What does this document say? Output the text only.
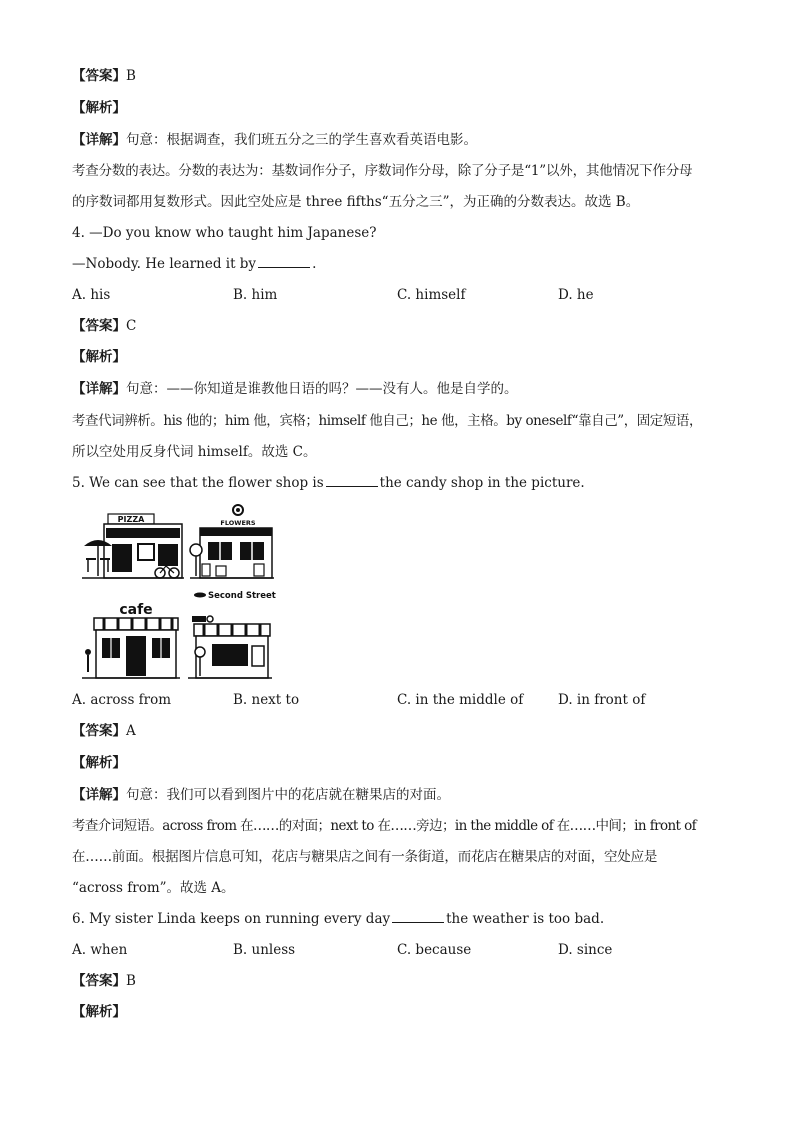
【答案】B
【解析】
【详解】句意：根据调查，我们班五分之三的学生喜欢看英语电影。
考查分数的表达。分数的表达为：基数词作分子，序数词作分母，除了分子是“1”以外，其他情况下作分母
的序数词都用复数形式。因此空处应是 three fifths“五分之三”，为正确的分数表达。故选 B。
4. —Do you know who taught him Japanese?
—Nobody. He learned it by	.
A. his	B. him	C. himself	D. he
【答案】C
【解析】
【详解】句意：——你知道是谁教他日语的吗？——没有人。他是自学的。
考查代词辨析。his 他的；him 他，宾格；himself 他自己；he 他，主格。by oneself“靠自己”，固定短语，
所以空处用反身代词 himself。故选 C。
5. We can see that the flower shop is	the candy shop in the picture.
PIZZA	FLOWERS
Second Street
cafe
A. across from	B. next to	C. in the middle of	D. in front of
【答案】A
【解析】
【详解】句意：我们可以看到图片中的花店就在糖果店的对面。
考查介词短语。across from 在……的对面；next to 在……旁边；in the middle of 在……中间；in front of
在……前面。根据图片信息可知，花店与糖果店之间有一条街道，而花店在糖果店的对面，空处应是
“across from”。故选 A。
6. My sister Linda keeps on running every day	the weather is too bad.
A. when	B. unless	C. because	D. since
【答案】B
【解析】
